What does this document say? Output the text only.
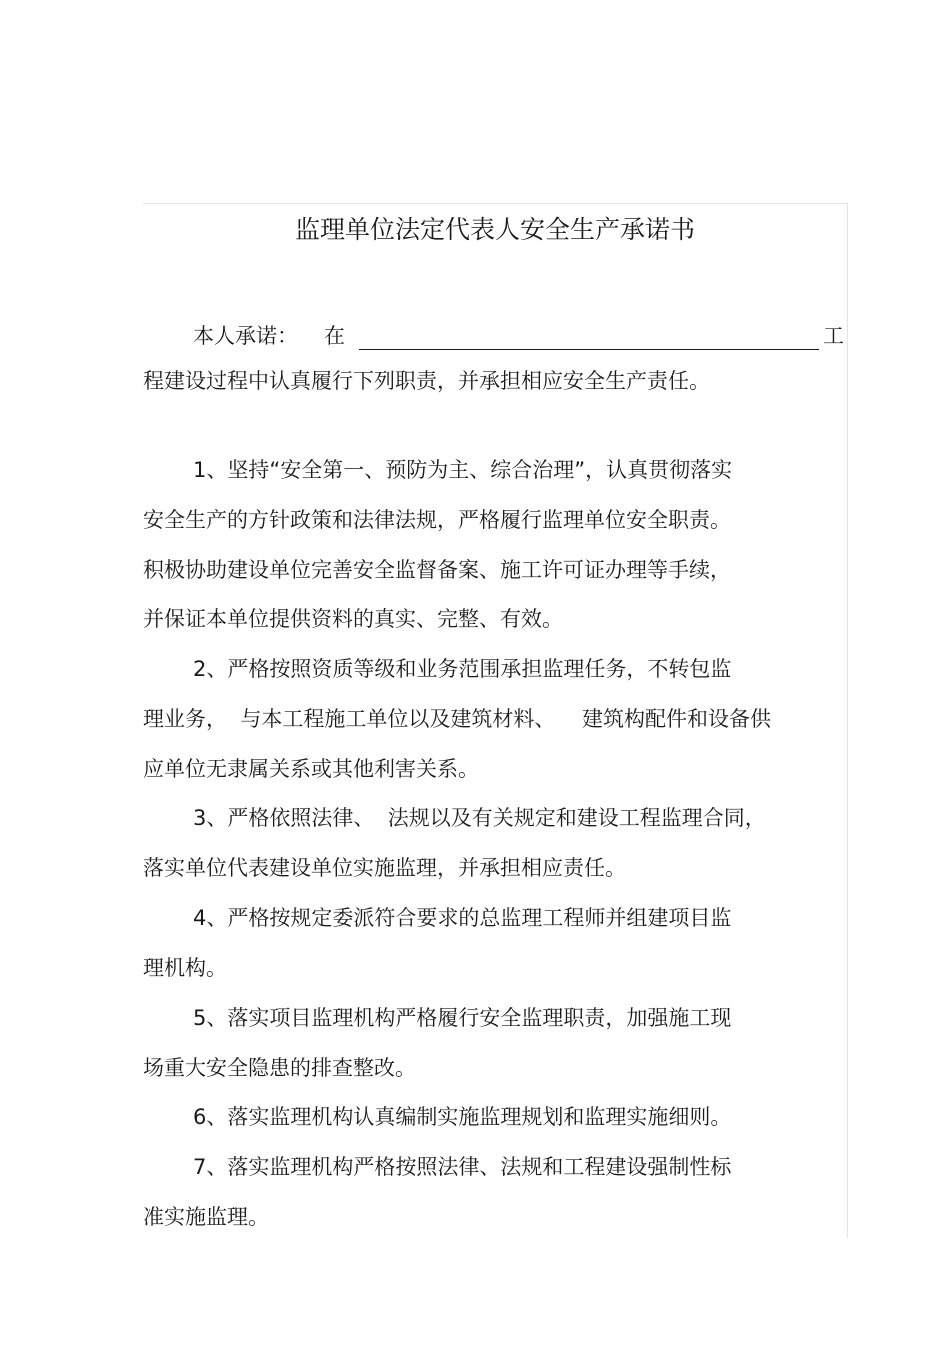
监理单位法定代表人安全生产承诺书
本人承诺： 在	工
程建设过程中认真履行下列职责，并承担相应安全生产责任。
1、坚持“安全第一、预防为主、综合治理”，认真贯彻落实
安全生产的方针政策和法律法规，严格履行监理单位安全职责。
积极协助建设单位完善安全监督备案、施工许可证办理等手续，
并保证本单位提供资料的真实、完整、有效。
2、严格按照资质等级和业务范围承担监理任务，不转包监
理业务，  与本工程施工单位以及建筑材料、    建筑构配件和设备供
应单位无隶属关系或其他利害关系。
3、严格依照法律、  法规以及有关规定和建设工程监理合同，
落实单位代表建设单位实施监理，并承担相应责任。
4、严格按规定委派符合要求的总监理工程师并组建项目监
理机构。
5、落实项目监理机构严格履行安全监理职责，加强施工现
场重大安全隐患的排查整改。
6、落实监理机构认真编制实施监理规划和监理实施细则。
7、落实监理机构严格按照法律、法规和工程建设强制性标
准实施监理。
